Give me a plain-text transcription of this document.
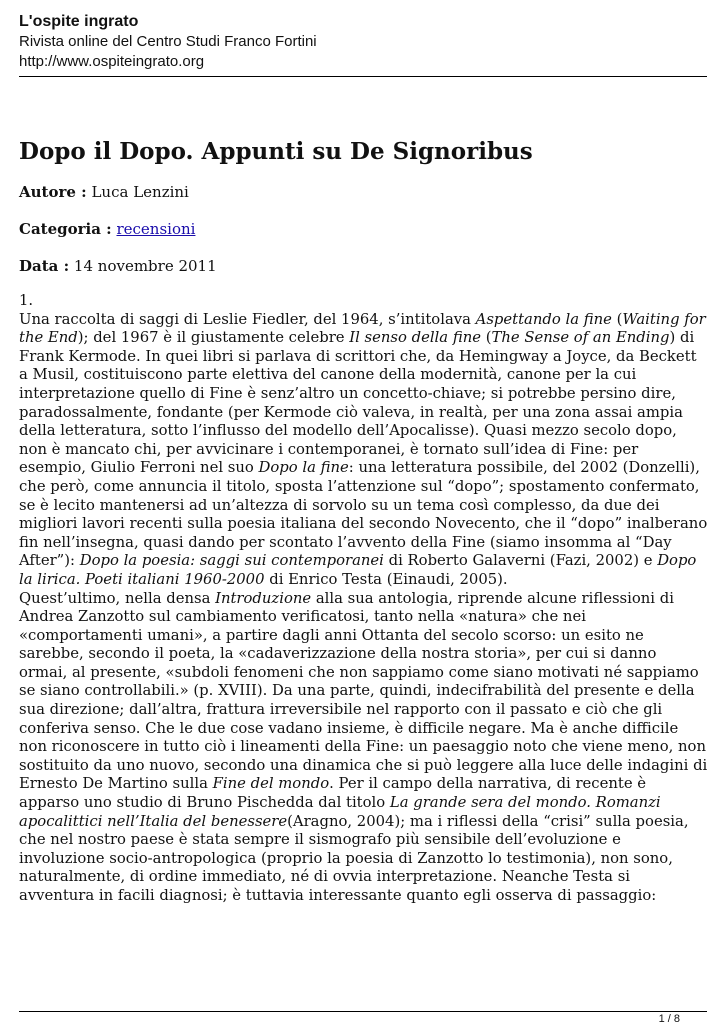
L'ospite ingrato
Rivista online del Centro Studi Franco Fortini
http://www.ospiteingrato.org
Dopo il Dopo. Appunti su De Signoribus
Autore : Luca Lenzini
Categoria : recensioni
Data : 14 novembre 2011

1.

Una raccolta di saggi di Leslie Fiedler, del 1964, s’intitolava Aspettando la fine (Waiting for the End); del 1967 è il giustamente celebre Il senso della fine (The Sense of an Ending) di Frank Kermode. In quei libri si parlava di scrittori che, da Hemingway a Joyce, da Beckett a Musil, costituiscono parte elettiva del canone della modernità, canone per la cui interpretazione quello di Fine è senz’altro un concetto-chiave; si potrebbe persino dire, paradossalmente, fondante (per Kermode ciò valeva, in realtà, per una zona assai ampia della letteratura, sotto l’influsso del modello dell’Apocalisse). Quasi mezzo secolo dopo, non è mancato chi, per avvicinare i contemporanei, è tornato sull’idea di Fine: per esempio, Giulio Ferroni nel suo Dopo la fine: una letteratura possibile, del 2002 (Donzelli), che però, come annuncia il titolo, sposta l’attenzione sul “dopo”; spostamento confermato, se è lecito mantenersi ad un’altezza di sorvolo su un tema così complesso, da due dei migliori lavori recenti sulla poesia italiana del secondo Novecento, che il “dopo” inalberano fin nell’insegna, quasi dando per scontato l’avvento della Fine (siamo insomma al “Day After”): Dopo la poesia: saggi sui contemporanei di Roberto Galaverni (Fazi, 2002) e Dopo la lirica. Poeti italiani 1960-2000 di Enrico Testa (Einaudi, 2005).

Quest’ultimo, nella densa Introduzione alla sua antologia, riprende alcune riflessioni di Andrea Zanzotto sul cambiamento verificatosi, tanto nella «natura» che nei «comportamenti umani», a partire dagli anni Ottanta del secolo scorso: un esito ne sarebbe, secondo il poeta, la «cadaverizzazione della nostra storia», per cui si danno ormai, al presente, «subdoli fenomeni che non sappiamo come siano motivati né sappiamo se siano controllabili.» (p. XVIII). Da una parte, quindi, indecifrabilità del presente e della sua direzione; dall’altra, frattura irreversibile nel rapporto con il passato e ciò che gli conferiva senso. Che le due cose vadano insieme, è difficile negare. Ma è anche difficile non riconoscere in tutto ciò i lineamenti della Fine: un paesaggio noto che viene meno, non sostituito da uno nuovo, secondo una dinamica che si può leggere alla luce delle indagini di Ernesto De Martino sulla Fine del mondo. Per il campo della narrativa, di recente è apparso uno studio di Bruno Pischedda dal titolo La grande sera del mondo. Romanzi apocalittici nell’Italia del benessere(Aragno, 2004); ma i riflessi della “crisi” sulla poesia, che nel nostro paese è stata sempre il sismografo più sensibile dell’evoluzione e involuzione socio-antropologica (proprio la poesia di Zanzotto lo testimonia), non sono, naturalmente, di ordine immediato, né di ovvia interpretazione. Neanche Testa si avventura in facili diagnosi; è tuttavia interessante quanto egli osserva di passaggio:

1 / 8
